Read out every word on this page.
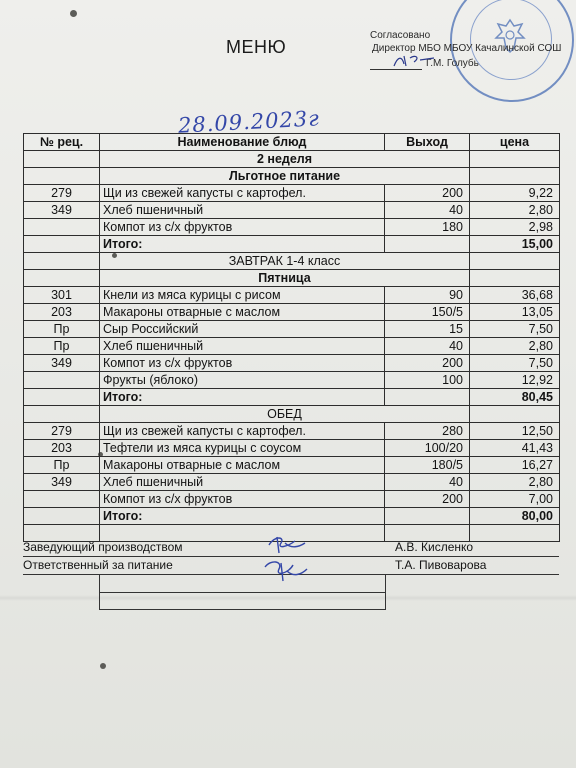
МЕНЮ
Согласовано
Директор МБО МБОУ Качалинской СОШ
Г.М. Голубь
28.09.2023г
№ рец.	Наименование блюд	Выход	цена
	2 неделя		
	Льготное питание		
279	Щи из свежей капусты с картофел.	200	9,22
349	Хлеб пшеничный	40	2,80
	Компот из с/х фруктов	180	2,98
	Итого:		15,00
	ЗАВТРАК 1-4 класс		
	Пятница		
301	Кнели из мяса курицы с рисом	90	36,68
203	Макароны отварные с маслом	150/5	13,05
Пр	Сыр Российский	15	7,50
Пр	Хлеб пшеничный	40	2,80
349	Компот из с/х фруктов	200	7,50
	Фрукты (яблоко)	100	12,92
	Итого:		80,45
	ОБЕД		
279	Щи из свежей капусты с картофел.	280	12,50
203	Тефтели из мяса курицы с соусом	100/20	41,43
Пр	Макароны отварные с маслом	180/5	16,27
349	Хлеб пшеничный	40	2,80
	Компот из с/х фруктов	200	7,00
	Итого:		80,00

Заведующий производством	А.В. Кисленко
Ответственный за питание	Т.А. Пивоварова
